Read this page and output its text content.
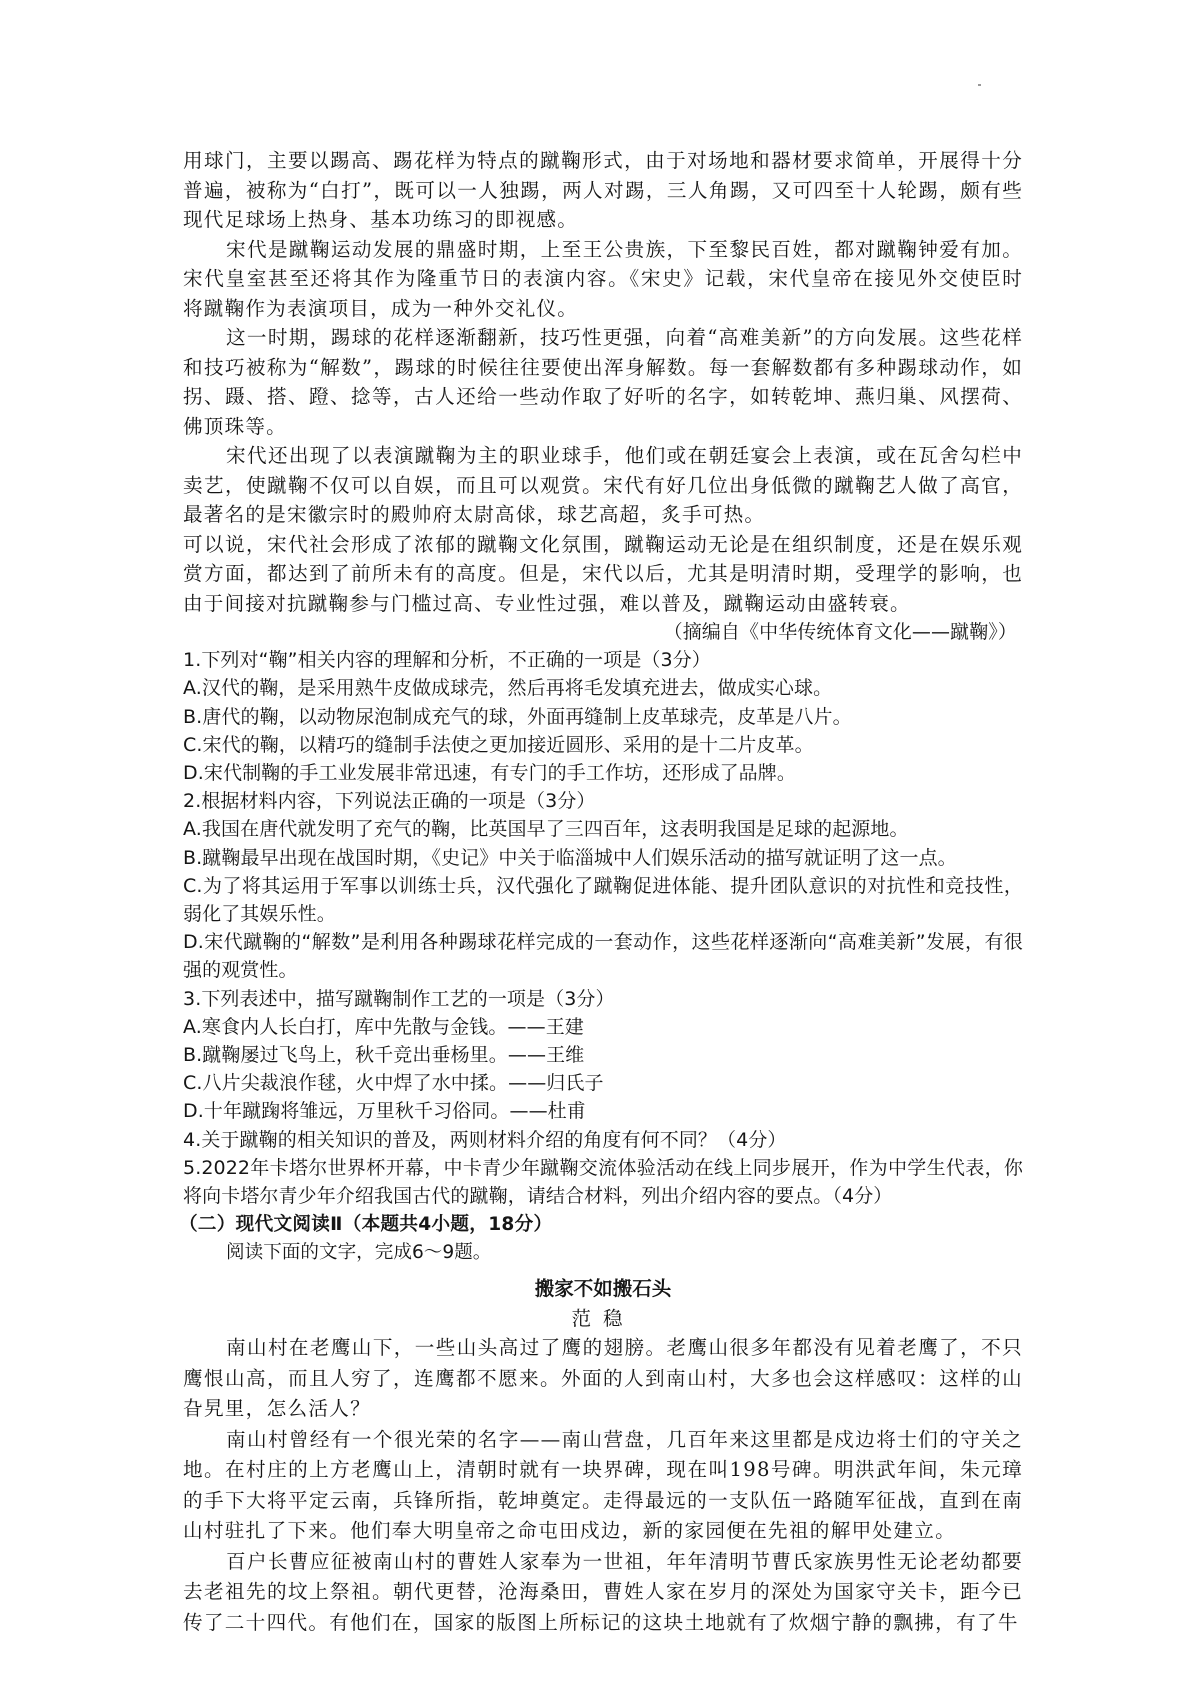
用球门，主要以踢高、踢花样为特点的蹴鞠形式，由于对场地和器材要求简单，开展得十分普遍，被称为“白打”，既可以一人独踢，两人对踢，三人角踢，又可四至十人轮踢，颇有些现代足球场上热身、基本功练习的即视感。

宋代是蹴鞠运动发展的鼎盛时期，上至王公贵族，下至黎民百姓，都对蹴鞠钟爱有加。宋代皇室甚至还将其作为隆重节日的表演内容。《宋史》记载，宋代皇帝在接见外交使臣时将蹴鞠作为表演项目，成为一种外交礼仪。

这一时期，踢球的花样逐渐翻新，技巧性更强，向着“高难美新”的方向发展。这些花样和技巧被称为“解数”，踢球的时候往往要使出浑身解数。每一套解数都有多种踢球动作，如拐、蹑、搭、蹬、捻等，古人还给一些动作取了好听的名字，如转乾坤、燕归巢、风摆荷、佛顶珠等。

宋代还出现了以表演蹴鞠为主的职业球手，他们或在朝廷宴会上表演，或在瓦舍勾栏中卖艺，使蹴鞠不仅可以自娱，而且可以观赏。宋代有好几位出身低微的蹴鞠艺人做了高官，最著名的是宋徽宗时的殿帅府太尉高俅，球艺高超，炙手可热。

可以说，宋代社会形成了浓郁的蹴鞠文化氛围，蹴鞠运动无论是在组织制度，还是在娱乐观赏方面，都达到了前所未有的高度。但是，宋代以后，尤其是明清时期，受理学的影响，也由于间接对抗蹴鞠参与门槛过高、专业性过强，难以普及，蹴鞠运动由盛转衰。

（摘编自《中华传统体育文化——蹴鞠》）

1.下列对“鞠”相关内容的理解和分析，不正确的一项是（3分）

A.汉代的鞠，是采用熟牛皮做成球壳，然后再将毛发填充进去，做成实心球。

B.唐代的鞠，以动物尿泡制成充气的球，外面再缝制上皮革球壳，皮革是八片。

C.宋代的鞠，以精巧的缝制手法使之更加接近圆形、采用的是十二片皮革。

D.宋代制鞠的手工业发展非常迅速，有专门的手工作坊，还形成了品牌。

2.根据材料内容，下列说法正确的一项是（3分）

A.我国在唐代就发明了充气的鞠，比英国早了三四百年，这表明我国是足球的起源地。

B.蹴鞠最早出现在战国时期，《史记》中关于临淄城中人们娱乐活动的描写就证明了这一点。

C.为了将其运用于军事以训练士兵，汉代强化了蹴鞠促进体能、提升团队意识的对抗性和竞技性，弱化了其娱乐性。

D.宋代蹴鞠的“解数”是利用各种踢球花样完成的一套动作，这些花样逐渐向“高难美新”发展，有很强的观赏性。

3.下列表述中，描写蹴鞠制作工艺的一项是（3分）

A.寒食内人长白打，库中先散与金钱。——王建

B.蹴鞠屡过飞鸟上，秋千竞出垂杨里。——王维

C.八片尖裁浪作毬，火中焊了水中揉。——归氏子

D.十年蹴踘将雏远，万里秋千习俗同。——杜甫

4.关于蹴鞠的相关知识的普及，两则材料介绍的角度有何不同？（4分）

5.2022年卡塔尔世界杯开幕，中卡青少年蹴鞠交流体验活动在线上同步展开，作为中学生代表，你将向卡塔尔青少年介绍我国古代的蹴鞠，请结合材料，列出介绍内容的要点。（4分）

（二）现代文阅读Ⅱ（本题共4小题，18分）

阅读下面的文字，完成6～9题。

搬家不如搬石头

范稳

南山村在老鹰山下，一些山头高过了鹰的翅膀。老鹰山很多年都没有见着老鹰了，不只鹰恨山高，而且人穷了，连鹰都不愿来。外面的人到南山村，大多也会这样感叹：这样的山旮旯里，怎么活人？

南山村曾经有一个很光荣的名字——南山营盘，几百年来这里都是戍边将士们的守关之地。在村庄的上方老鹰山上，清朝时就有一块界碑，现在叫198号碑。明洪武年间，朱元璋的手下大将平定云南，兵锋所指，乾坤奠定。走得最远的一支队伍一路随军征战，直到在南山村驻扎了下来。他们奉大明皇帝之命屯田戍边，新的家园便在先祖的解甲处建立。

百户长曹应征被南山村的曹姓人家奉为一世祖，年年清明节曹氏家族男性无论老幼都要去老祖先的坟上祭祖。朝代更替，沧海桑田，曹姓人家在岁月的深处为国家守关卡，距今已传了二十四代。有他们在，国家的版图上所标记的这块土地就有了炊烟宁静的飘拂，有了牛
